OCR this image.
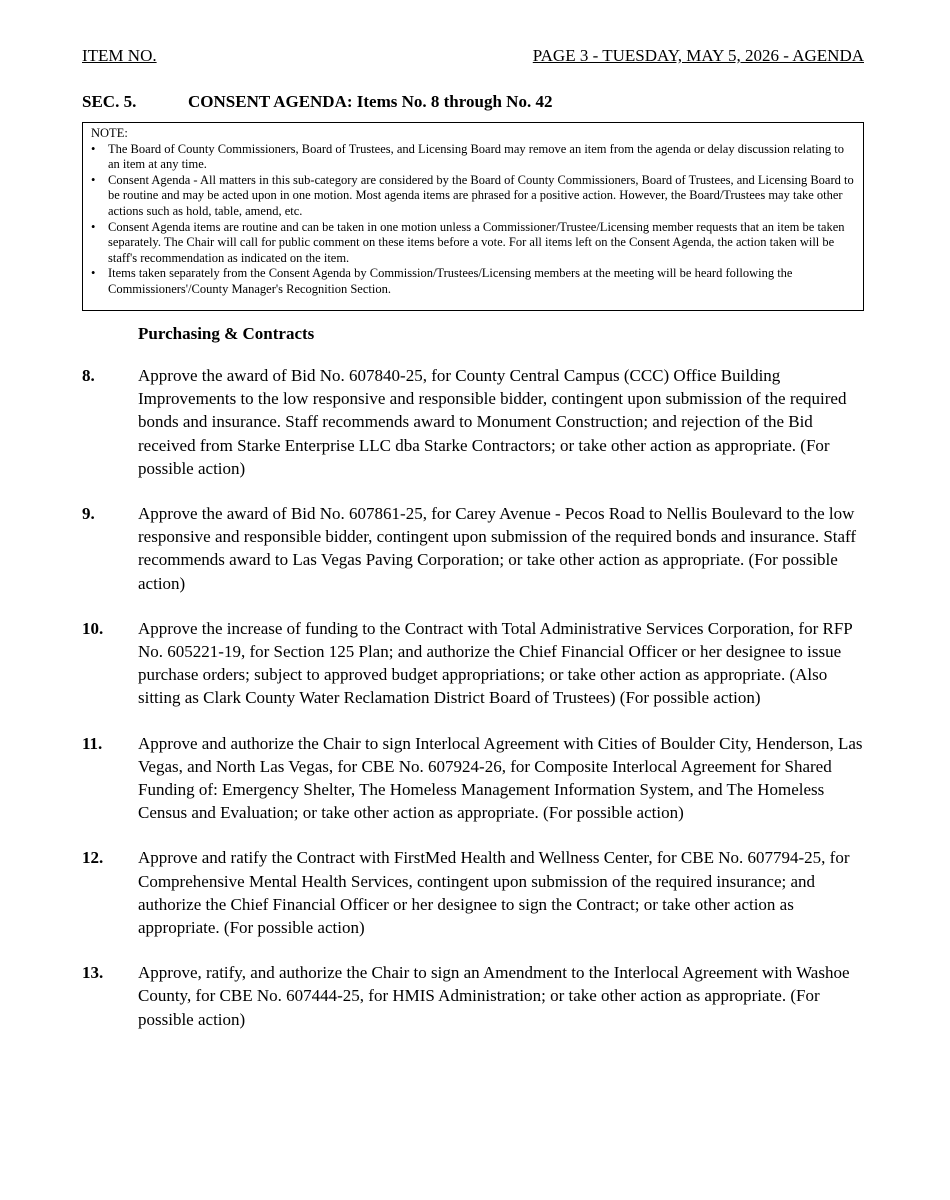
ITEM NO.	PAGE 3 - TUESDAY, MAY 5, 2026 - AGENDA
SEC. 5.	CONSENT AGENDA: Items No. 8 through No. 42
NOTE:
• The Board of County Commissioners, Board of Trustees, and Licensing Board may remove an item from the agenda or delay discussion relating to an item at any time.
• Consent Agenda - All matters in this sub-category are considered by the Board of County Commissioners, Board of Trustees, and Licensing Board to be routine and may be acted upon in one motion. Most agenda items are phrased for a positive action. However, the Board/Trustees may take other actions such as hold, table, amend, etc.
• Consent Agenda items are routine and can be taken in one motion unless a Commissioner/Trustee/Licensing member requests that an item be taken separately. The Chair will call for public comment on these items before a vote. For all items left on the Consent Agenda, the action taken will be staff's recommendation as indicated on the item.
• Items taken separately from the Consent Agenda by Commission/Trustees/Licensing members at the meeting will be heard following the Commissioners'/County Manager's Recognition Section.
Purchasing & Contracts
8.	Approve the award of Bid No. 607840-25, for County Central Campus (CCC) Office Building Improvements to the low responsive and responsible bidder, contingent upon submission of the required bonds and insurance. Staff recommends award to Monument Construction; and rejection of the Bid received from Starke Enterprise LLC dba Starke Contractors; or take other action as appropriate. (For possible action)
9.	Approve the award of Bid No. 607861-25, for Carey Avenue - Pecos Road to Nellis Boulevard to the low responsive and responsible bidder, contingent upon submission of the required bonds and insurance. Staff recommends award to Las Vegas Paving Corporation; or take other action as appropriate. (For possible action)
10.	Approve the increase of funding to the Contract with Total Administrative Services Corporation, for RFP No. 605221-19, for Section 125 Plan; and authorize the Chief Financial Officer or her designee to issue purchase orders; subject to approved budget appropriations; or take other action as appropriate. (Also sitting as Clark County Water Reclamation District Board of Trustees) (For possible action)
11.	Approve and authorize the Chair to sign Interlocal Agreement with Cities of Boulder City, Henderson, Las Vegas, and North Las Vegas, for CBE No. 607924-26, for Composite Interlocal Agreement for Shared Funding of: Emergency Shelter, The Homeless Management Information System, and The Homeless Census and Evaluation; or take other action as appropriate. (For possible action)
12.	Approve and ratify the Contract with FirstMed Health and Wellness Center, for CBE No. 607794-25, for Comprehensive Mental Health Services, contingent upon submission of the required insurance; and authorize the Chief Financial Officer or her designee to sign the Contract; or take other action as appropriate. (For possible action)
13.	Approve, ratify, and authorize the Chair to sign an Amendment to the Interlocal Agreement with Washoe County, for CBE No. 607444-25, for HMIS Administration; or take other action as appropriate. (For possible action)
